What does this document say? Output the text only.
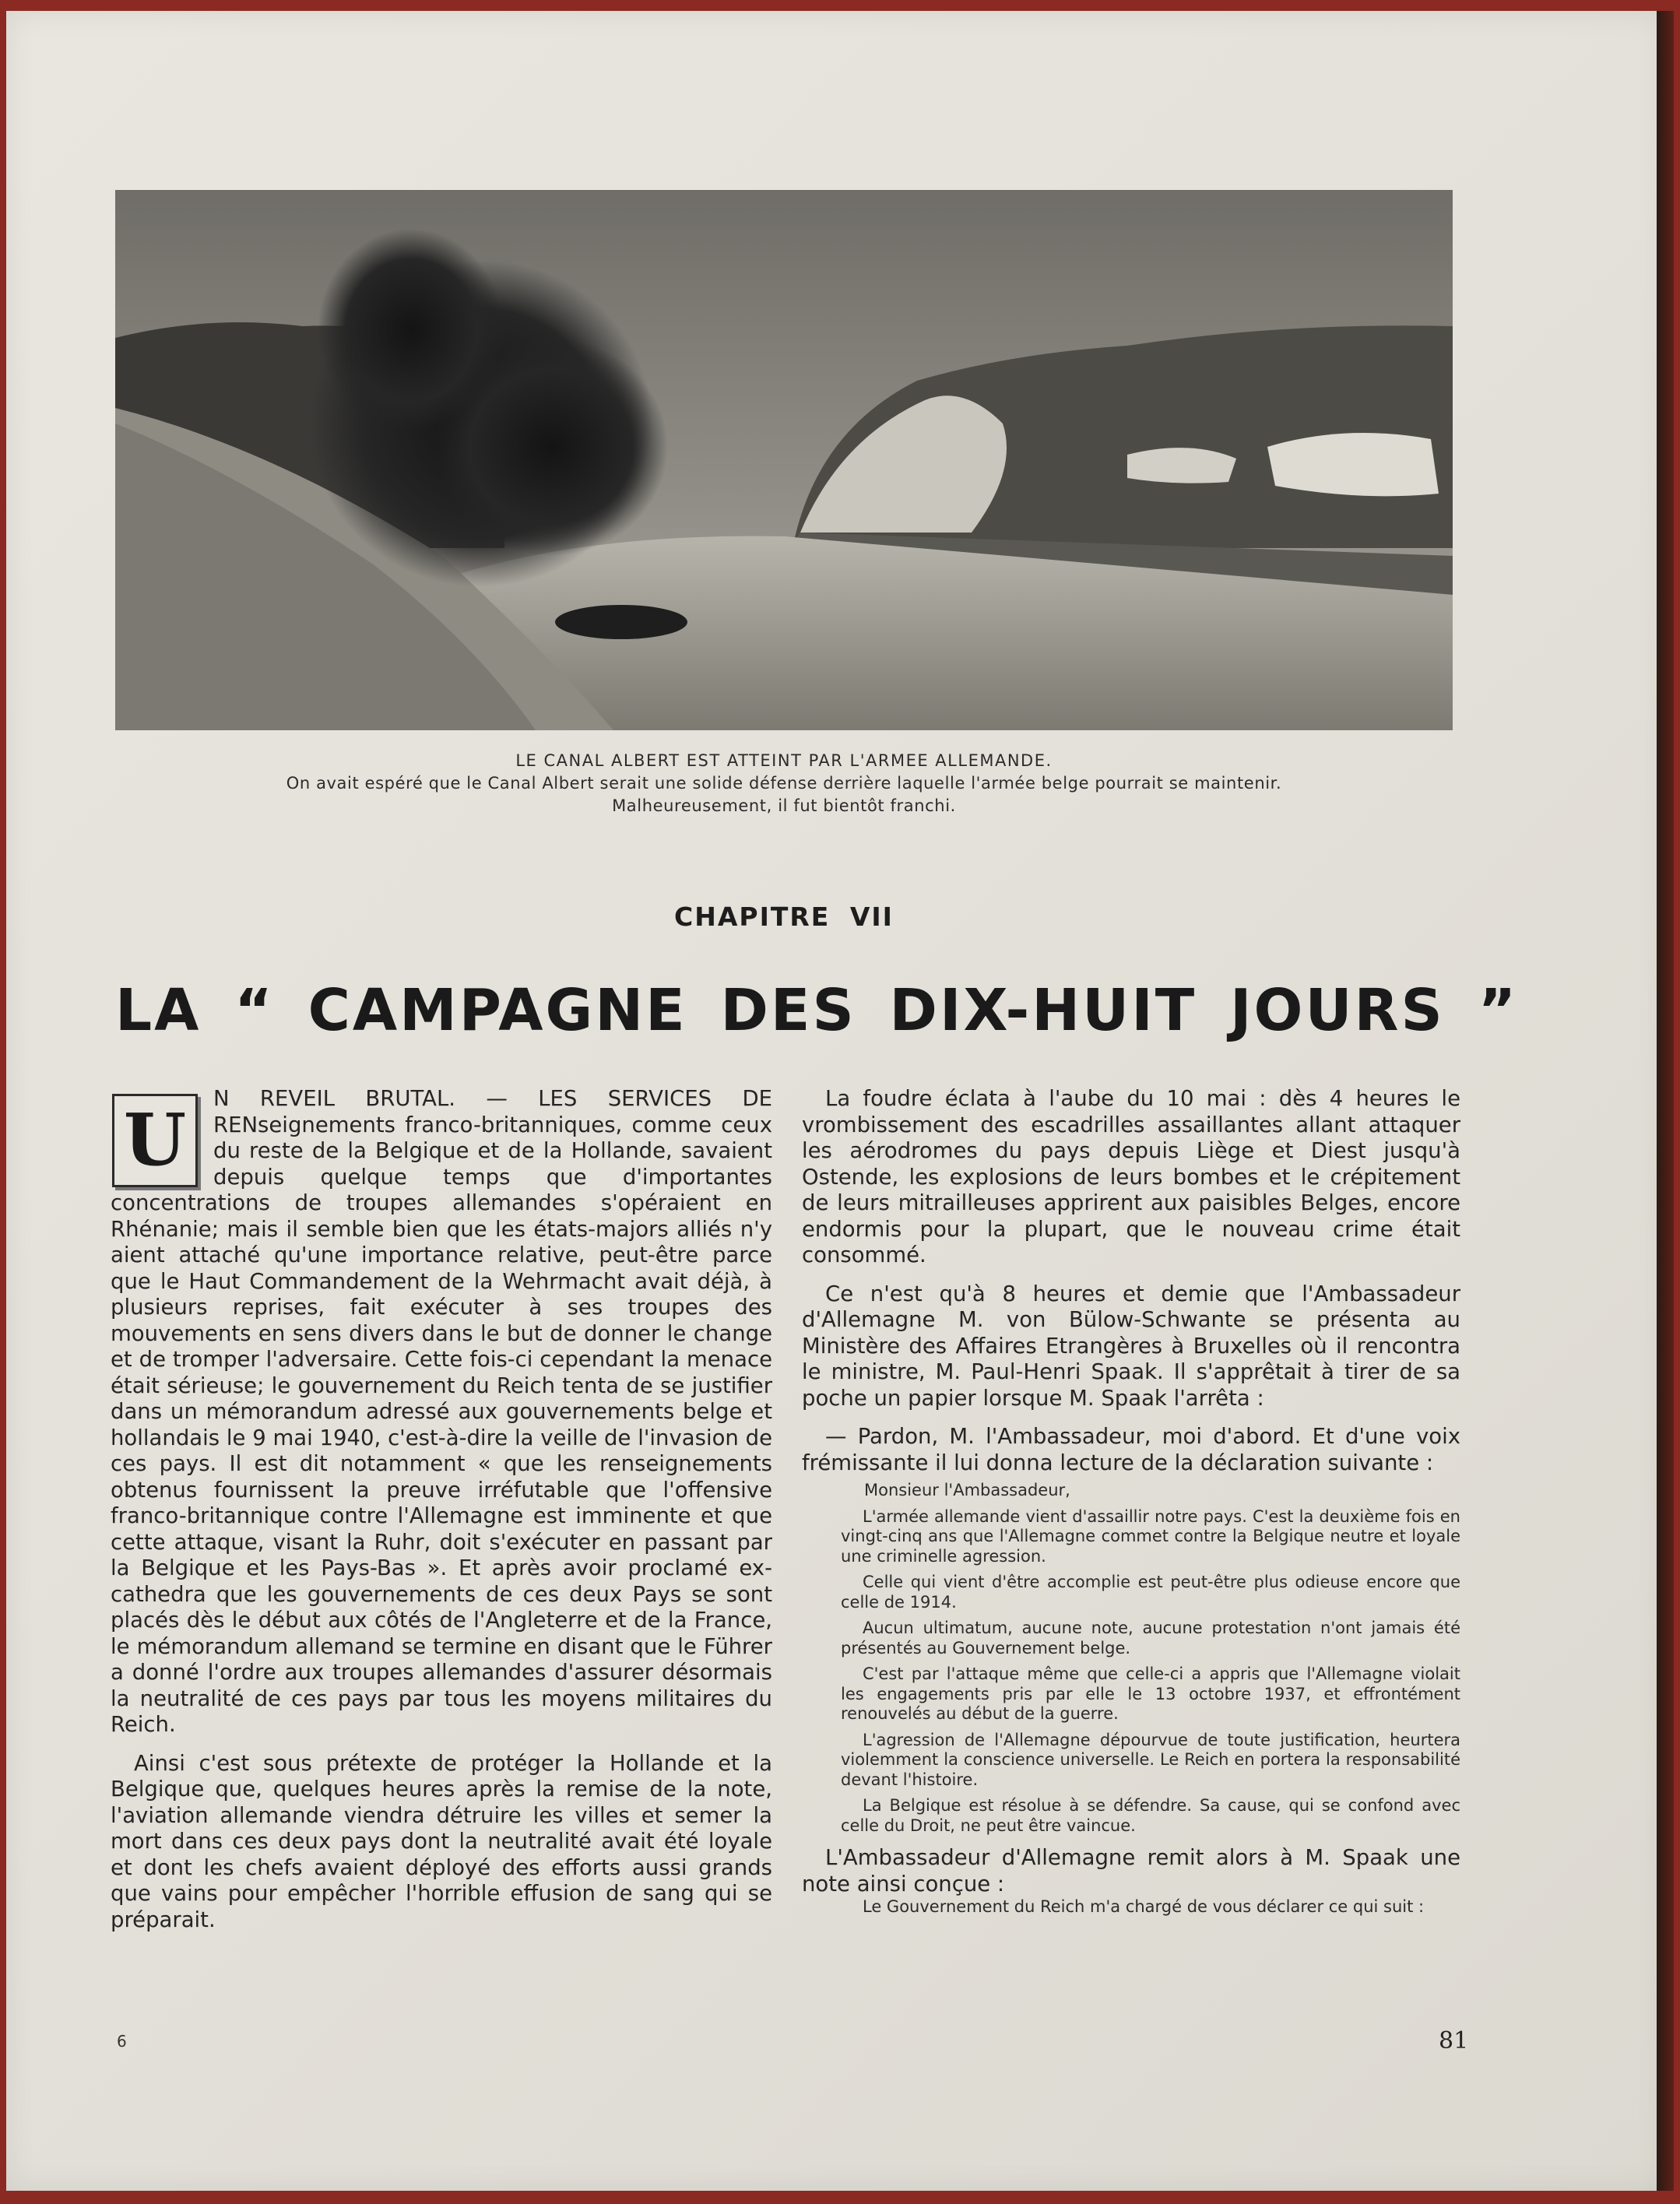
LE CANAL ALBERT EST ATTEINT PAR L'ARMEE ALLEMANDE.
On avait espéré que le Canal Albert serait une solide défense derrière laquelle l'armée belge pourrait se maintenir.
Malheureusement, il fut bientôt franchi.
CHAPITRE VII
LA “ CAMPAGNE DES DIX-HUIT JOURS ”

U	N REVEIL BRUTAL. — LES SERVICES DE RENseignements franco-britanniques, comme ceux du reste de la Belgique et de la Hollande, savaient depuis quelque temps que d'importantes concentrations de troupes allemandes s'opéraient en Rhénanie; mais il semble bien que les états-majors alliés n'y aient attaché qu'une importance relative, peut-être parce que le Haut Commandement de la Wehrmacht avait déjà, à plusieurs reprises, fait exécuter à ses troupes des mouvements en sens divers dans le but de donner le change et de tromper l'adversaire. Cette fois-ci cependant la menace était sérieuse; le gouvernement du Reich tenta de se justifier dans un mémorandum adressé aux gouvernements belge et hollandais le 9 mai 1940, c'est-à-dire la veille de l'invasion de ces pays. Il est dit notamment « que les renseignements obtenus fournissent la preuve irréfutable que l'offensive franco-britannique contre l'Allemagne est imminente et que cette attaque, visant la Ruhr, doit s'exécuter en passant par la Belgique et les Pays-Bas ». Et après avoir proclamé ex-cathedra que les gouvernements de ces deux Pays se sont placés dès le début aux côtés de l'Angleterre et de la France, le mémorandum allemand se termine en disant que le Führer a donné l'ordre aux troupes allemandes d'assurer désormais la neutralité de ces pays par tous les moyens militaires du Reich.

Ainsi c'est sous prétexte de protéger la Hollande et la Belgique que, quelques heures après la remise de la note, l'aviation allemande viendra détruire les villes et semer la mort dans ces deux pays dont la neutralité avait été loyale et dont les chefs avaient déployé des efforts aussi grands que vains pour empêcher l'horrible effusion de sang qui se préparait.

La foudre éclata à l'aube du 10 mai : dès 4 heures le vrombissement des escadrilles assaillantes allant attaquer les aérodromes du pays depuis Liège et Diest jusqu'à Ostende, les explosions de leurs bombes et le crépitement de leurs mitrailleuses apprirent aux paisibles Belges, encore endormis pour la plupart, que le nouveau crime était consommé.

Ce n'est qu'à 8 heures et demie que l'Ambassadeur d'Allemagne M. von Bülow-Schwante se présenta au Ministère des Affaires Etrangères à Bruxelles où il rencontra le ministre, M. Paul-Henri Spaak. Il s'apprêtait à tirer de sa poche un papier lorsque M. Spaak l'arrêta :

— Pardon, M. l'Ambassadeur, moi d'abord. Et d'une voix frémissante il lui donna lecture de la déclaration suivante :

Monsieur l'Ambassadeur,

L'armée allemande vient d'assaillir notre pays. C'est la deuxième fois en vingt-cinq ans que l'Allemagne commet contre la Belgique neutre et loyale une criminelle agression.

Celle qui vient d'être accomplie est peut-être plus odieuse encore que celle de 1914.

Aucun ultimatum, aucune note, aucune protestation n'ont jamais été présentés au Gouvernement belge.

C'est par l'attaque même que celle-ci a appris que l'Allemagne violait les engagements pris par elle le 13 octobre 1937, et effrontément renouvelés au début de la guerre.

L'agression de l'Allemagne dépourvue de toute justification, heurtera violemment la conscience universelle. Le Reich en portera la responsabilité devant l'histoire.

La Belgique est résolue à se défendre. Sa cause, qui se confond avec celle du Droit, ne peut être vaincue.

L'Ambassadeur d'Allemagne remit alors à M. Spaak une note ainsi conçue :

Le Gouvernement du Reich m'a chargé de vous déclarer ce qui suit :

6	81
